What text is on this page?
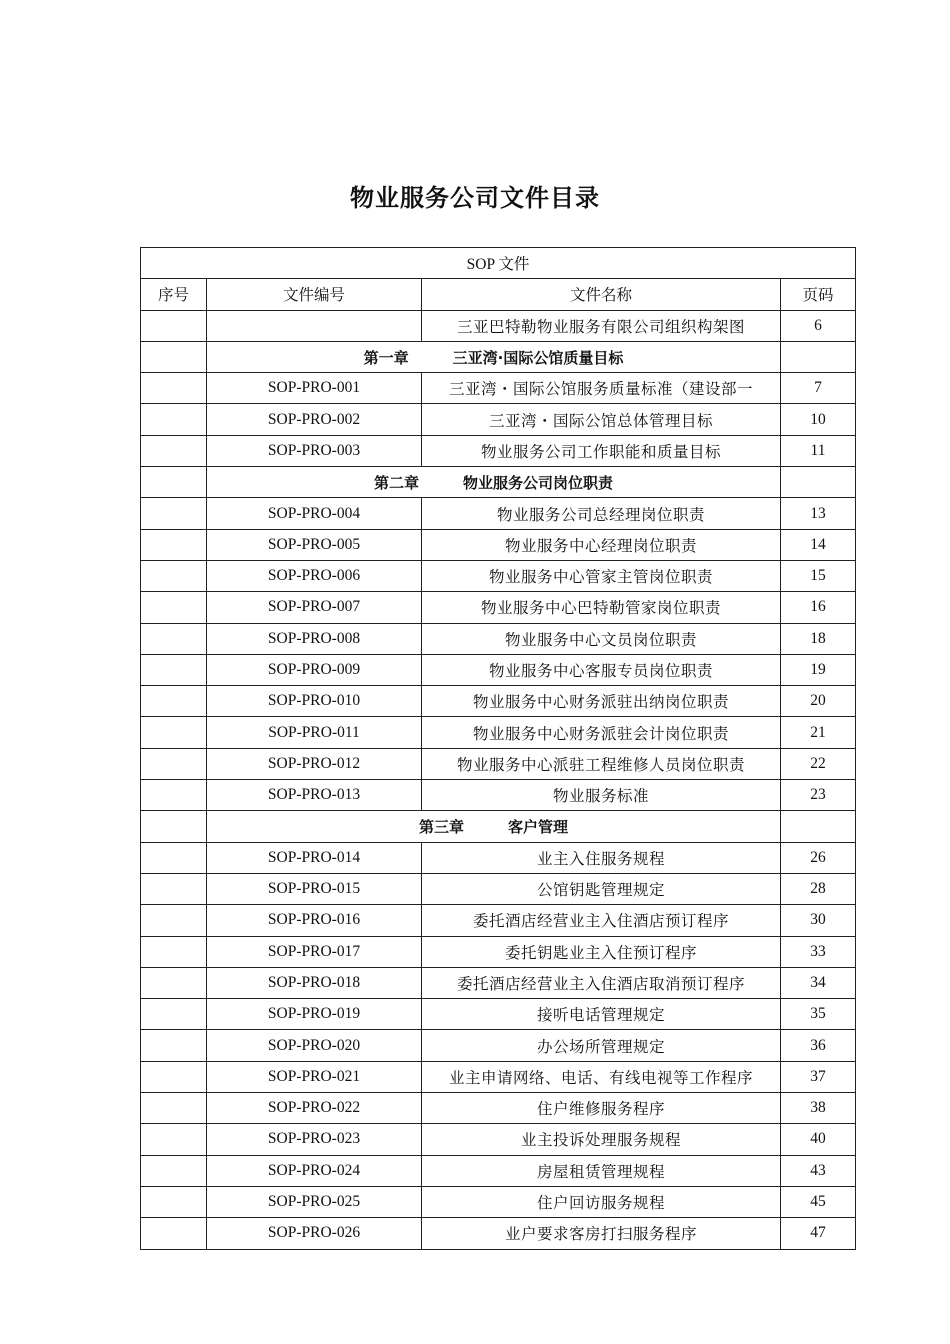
物业服务公司文件目录
SOP 文件			
序号	文件编号	文件名称	页码
		三亚巴特勒物业服务有限公司组织构架图	6
	第一章 三亚湾·国际公馆质量目标		
	SOP-PRO-001	三亚湾・国际公馆服务质量标准（建设部一	7
	SOP-PRO-002	三亚湾・国际公馆总体管理目标	10
	SOP-PRO-003	物业服务公司工作职能和质量目标	11
	第二章 物业服务公司岗位职责		
	SOP-PRO-004	物业服务公司总经理岗位职责	13
	SOP-PRO-005	物业服务中心经理岗位职责	14
	SOP-PRO-006	物业服务中心管家主管岗位职责	15
	SOP-PRO-007	物业服务中心巴特勒管家岗位职责	16
	SOP-PRO-008	物业服务中心文员岗位职责	18
	SOP-PRO-009	物业服务中心客服专员岗位职责	19
	SOP-PRO-010	物业服务中心财务派驻出纳岗位职责	20
	SOP-PRO-011	物业服务中心财务派驻会计岗位职责	21
	SOP-PRO-012	物业服务中心派驻工程维修人员岗位职责	22
	SOP-PRO-013	物业服务标准	23
	第三章 客户管理		
	SOP-PRO-014	业主入住服务规程	26
	SOP-PRO-015	公馆钥匙管理规定	28
	SOP-PRO-016	委托酒店经营业主入住酒店预订程序	30
	SOP-PRO-017	委托钥匙业主入住预订程序	33
	SOP-PRO-018	委托酒店经营业主入住酒店取消预订程序	34
	SOP-PRO-019	接听电话管理规定	35
	SOP-PRO-020	办公场所管理规定	36
	SOP-PRO-021	业主申请网络、电话、有线电视等工作程序	37
	SOP-PRO-022	住户维修服务程序	38
	SOP-PRO-023	业主投诉处理服务规程	40
	SOP-PRO-024	房屋租赁管理规程	43
	SOP-PRO-025	住户回访服务规程	45
	SOP-PRO-026	业户要求客房打扫服务程序	47
